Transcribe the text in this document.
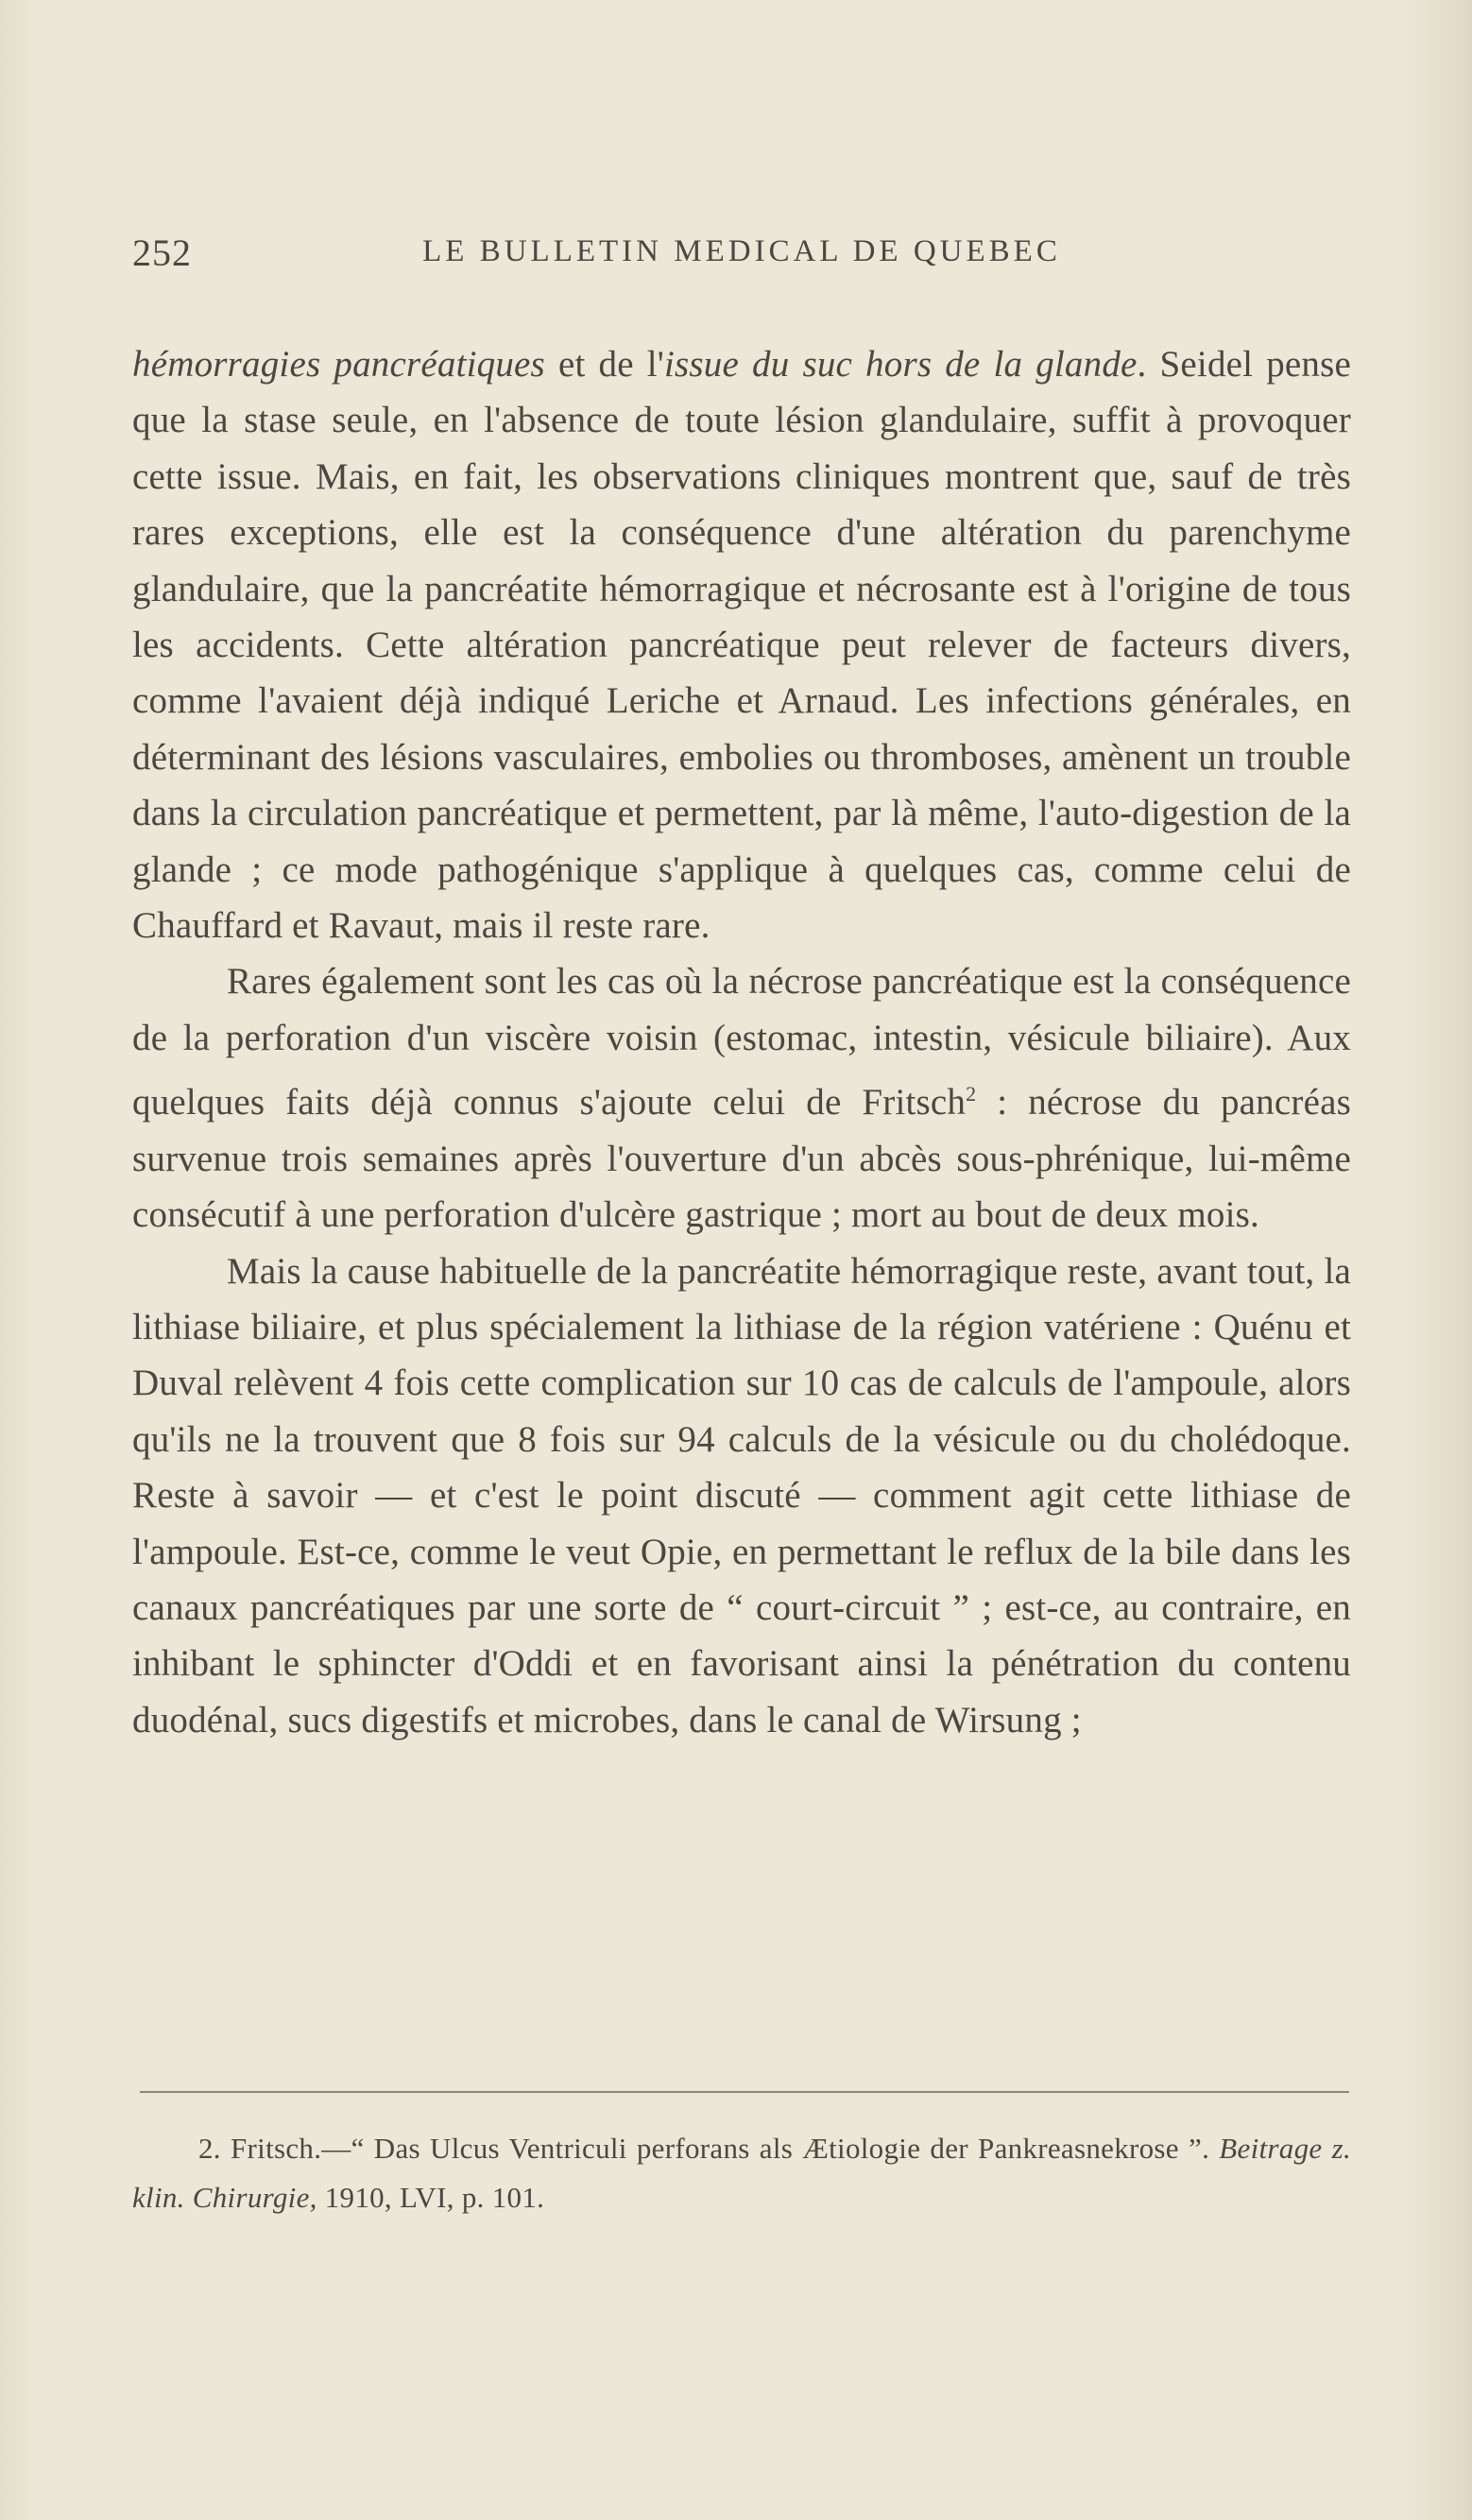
252	LE BULLETIN MEDICAL DE QUEBEC

hémorragies pancréatiques et de l'issue du suc hors de la glande. Seidel pense que la stase seule, en l'absence de toute lésion glandulaire, suffit à provoquer cette issue. Mais, en fait, les observations cliniques montrent que, sauf de très rares exceptions, elle est la conséquence d'une altération du parenchyme glandulaire, que la pancréatite hémorragique et nécrosante est à l'origine de tous les accidents. Cette altération pancréatique peut relever de facteurs divers, comme l'avaient déjà indiqué Leriche et Arnaud. Les infections générales, en déterminant des lésions vasculaires, embolies ou thromboses, amènent un trouble dans la circulation pancréatique et permettent, par là même, l'auto-digestion de la glande ; ce mode pathogénique s'applique à quelques cas, comme celui de Chauffard et Ravaut, mais il reste rare.

Rares également sont les cas où la nécrose pancréatique est la conséquence de la perforation d'un viscère voisin (estomac, intestin, vésicule biliaire). Aux quelques faits déjà connus s'ajoute celui de Fritsch$^2$ : nécrose du pancréas survenue trois semaines après l'ouverture d'un abcès sous-phrénique, lui-même consécutif à une perforation d'ulcère gastrique ; mort au bout de deux mois.

Mais la cause habituelle de la pancréatite hémorragique reste, avant tout, la lithiase biliaire, et plus spécialement la lithiase de la région vatériene : Quénu et Duval relèvent 4 fois cette complication sur 10 cas de calculs de l'ampoule, alors qu'ils ne la trouvent que 8 fois sur 94 calculs de la vésicule ou du cholédoque. Reste à savoir — et c'est le point discuté — comment agit cette lithiase de l'ampoule. Est-ce, comme le veut Opie, en permettant le reflux de la bile dans les canaux pancréatiques par une sorte de “ court-circuit ” ; est-ce, au contraire, en inhibant le sphincter d'Oddi et en favorisant ainsi la pénétration du contenu duodénal, sucs digestifs et microbes, dans le canal de Wirsung ;

2. Fritsch.—“ Das Ulcus Ventriculi perforans als Ætiologie der Pankreasnekrose ”. Beitrage z. klin. Chirurgie, 1910, LVI, p. 101.
